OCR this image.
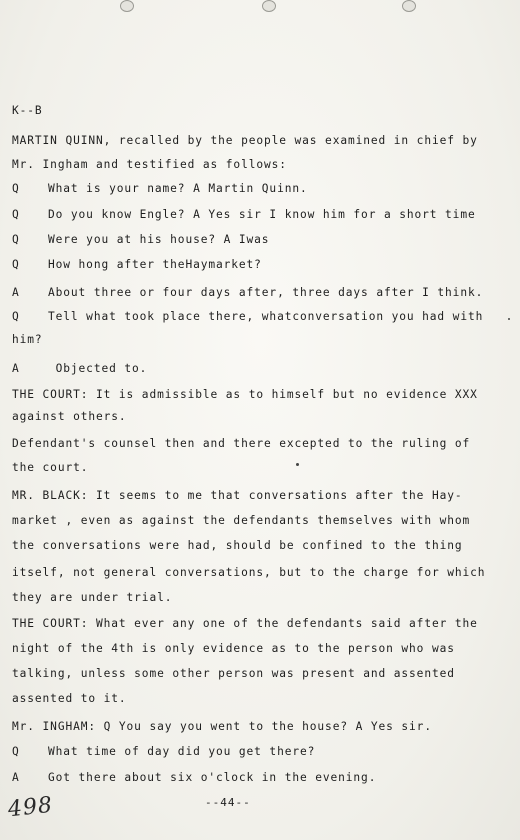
K--B
MARTIN QUINN, recalled by the people was examined in chief by
Mr. Ingham and testified as follows:
Q	What is your name? A Martin Quinn.
Q	Do you know Engle? A Yes sir I know him for a short time
Q	Were you at his house? A Iwas
Q	How hong after theHaymarket?
A	About three or four days after, three days after I think.
Q	Tell what took place there, whatconversation you had with
him?
A	Objected to.
THE COURT: It is admissible as to himself but no evidence XXX
against others.
Defendant's counsel then and there excepted to the ruling of
the court.
MR. BLACK: It seems to me that conversations after the Hay-
market , even as against the defendants themselves with whom
the conversations were had, should be confined to the thing
itself, not general conversations, but to the charge for which
they are under trial.
THE COURT: What ever any one of the defendants said after the
night of the 4th is only evidence as to the person who was
talking, unless some other person was present and assented
assented to it.
Mr. INGHAM: Q You say you went to the house? A Yes sir.
Q	What time of day did you get there?
A	Got there about six o'clock in the evening.
498	--44--
